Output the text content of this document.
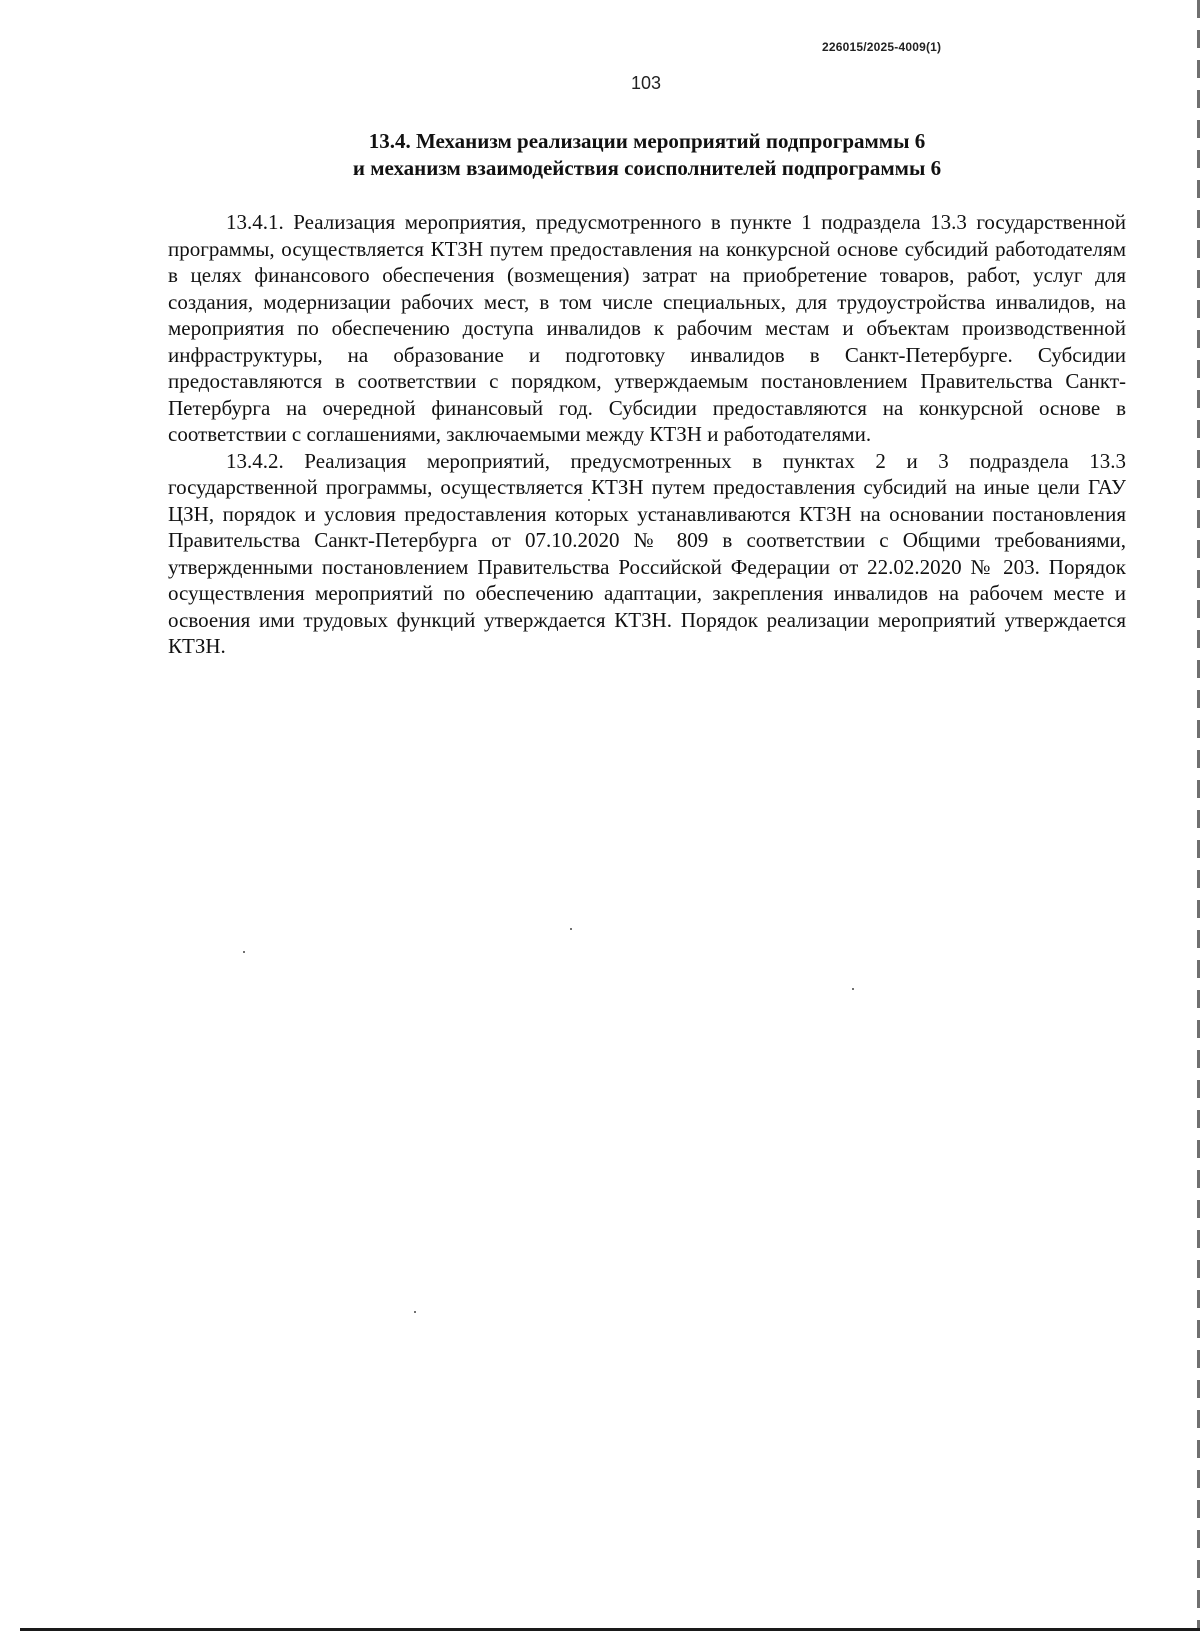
226015/2025-4009(1)
103
13.4. Механизм реализации мероприятий подпрограммы 6
и механизм взаимодействия соисполнителей подпрограммы 6

13.4.1. Реализация мероприятия, предусмотренного в пункте 1 подраздела 13.3 государственной программы, осуществляется КТЗН путем предоставления на конкурсной основе субсидий работодателям в целях финансового обеспечения (возмещения) затрат на приобретение товаров, работ, услуг для создания, модернизации рабочих мест, в том числе специальных, для трудоустройства инвалидов, на мероприятия по обеспечению доступа инвалидов к рабочим местам и объектам производственной инфраструктуры, на образование и подготовку инвалидов в Санкт-Петербурге. Субсидии предоставляются в соответствии с порядком, утверждаемым постановлением Правительства Санкт-Петербурга на очередной финансовый год. Субсидии предоставляются на конкурсной основе в соответствии с соглашениями, заключаемыми между КТЗН и работодателями.

13.4.2. Реализация мероприятий, предусмотренных в пунктах 2 и 3 подраздела 13.3 государственной программы, осуществляется КТЗН путем предоставления субсидий на иные цели ГАУ ЦЗН, порядок и условия предоставления которых устанавливаются КТЗН на основании постановления Правительства Санкт-Петербурга от 07.10.2020 № 809 в соответствии с Общими требованиями, утвержденными постановлением Правительства Российской Федерации от 22.02.2020 № 203. Порядок осуществления мероприятий по обеспечению адаптации, закрепления инвалидов на рабочем месте и освоения ими трудовых функций утверждается КТЗН. Порядок реализации мероприятий утверждается КТЗН.
